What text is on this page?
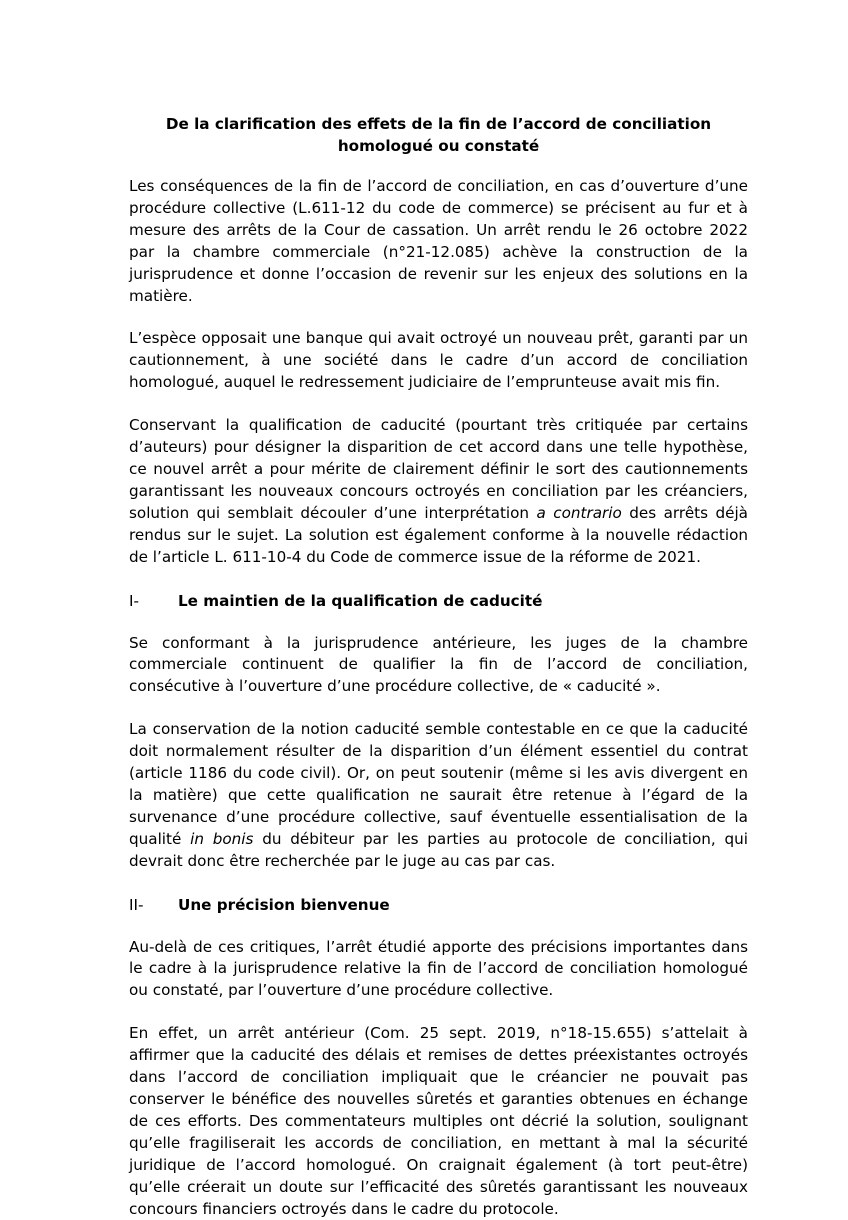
De la clarification des effets de la fin de l’accord de conciliation homologué ou constaté

Les conséquences de la fin de l’accord de conciliation, en cas d’ouverture d’une procédure collective (L.611-12 du code de commerce) se précisent au fur et à mesure des arrêts de la Cour de cassation. Un arrêt rendu le 26 octobre 2022 par la chambre commerciale (n°21-12.085) achève la construction de la jurisprudence et donne l’occasion de revenir sur les enjeux des solutions en la matière.

L’espèce opposait une banque qui avait octroyé un nouveau prêt, garanti par un cautionnement, à une société dans le cadre d’un accord de conciliation homologué, auquel le redressement judiciaire de l’emprunteuse avait mis fin.

Conservant la qualification de caducité (pourtant très critiquée par certains d’auteurs) pour désigner la disparition de cet accord dans une telle hypothèse, ce nouvel arrêt a pour mérite de clairement définir le sort des cautionnements garantissant les nouveaux concours octroyés en conciliation par les créanciers, solution qui semblait découler d’une interprétation a contrario des arrêts déjà rendus sur le sujet. La solution est également conforme à la nouvelle rédaction de l’article L. 611-10-4 du Code de commerce issue de la réforme de 2021.

I-	Le maintien de la qualification de caducité

Se conformant à la jurisprudence antérieure, les juges de la chambre commerciale continuent de qualifier la fin de l’accord de conciliation, consécutive à l’ouverture d’une procédure collective, de « caducité ».

La conservation de la notion caducité semble contestable en ce que la caducité doit normalement résulter de la disparition d’un élément essentiel du contrat (article 1186 du code civil). Or, on peut soutenir (même si les avis divergent en la matière) que cette qualification ne saurait être retenue à l’égard de la survenance d’une procédure collective, sauf éventuelle essentialisation de la qualité in bonis du débiteur par les parties au protocole de conciliation, qui devrait donc être recherchée par le juge au cas par cas.

II-	Une précision bienvenue

Au-delà de ces critiques, l’arrêt étudié apporte des précisions importantes dans le cadre à la jurisprudence relative la fin de l’accord de conciliation homologué ou constaté, par l’ouverture d’une procédure collective.

En effet, un arrêt antérieur (Com. 25 sept. 2019, n°18-15.655) s’attelait à affirmer que la caducité des délais et remises de dettes préexistantes octroyés dans l’accord de conciliation impliquait que le créancier ne pouvait pas conserver le bénéfice des nouvelles sûretés et garanties obtenues en échange de ces efforts. Des commentateurs multiples ont décrié la solution, soulignant qu’elle fragiliserait les accords de conciliation, en mettant à mal la sécurité juridique de l’accord homologué. On craignait également (à tort peut-être) qu’elle créerait un doute sur l’efficacité des sûretés garantissant les nouveaux concours financiers octroyés dans le cadre du protocole.
